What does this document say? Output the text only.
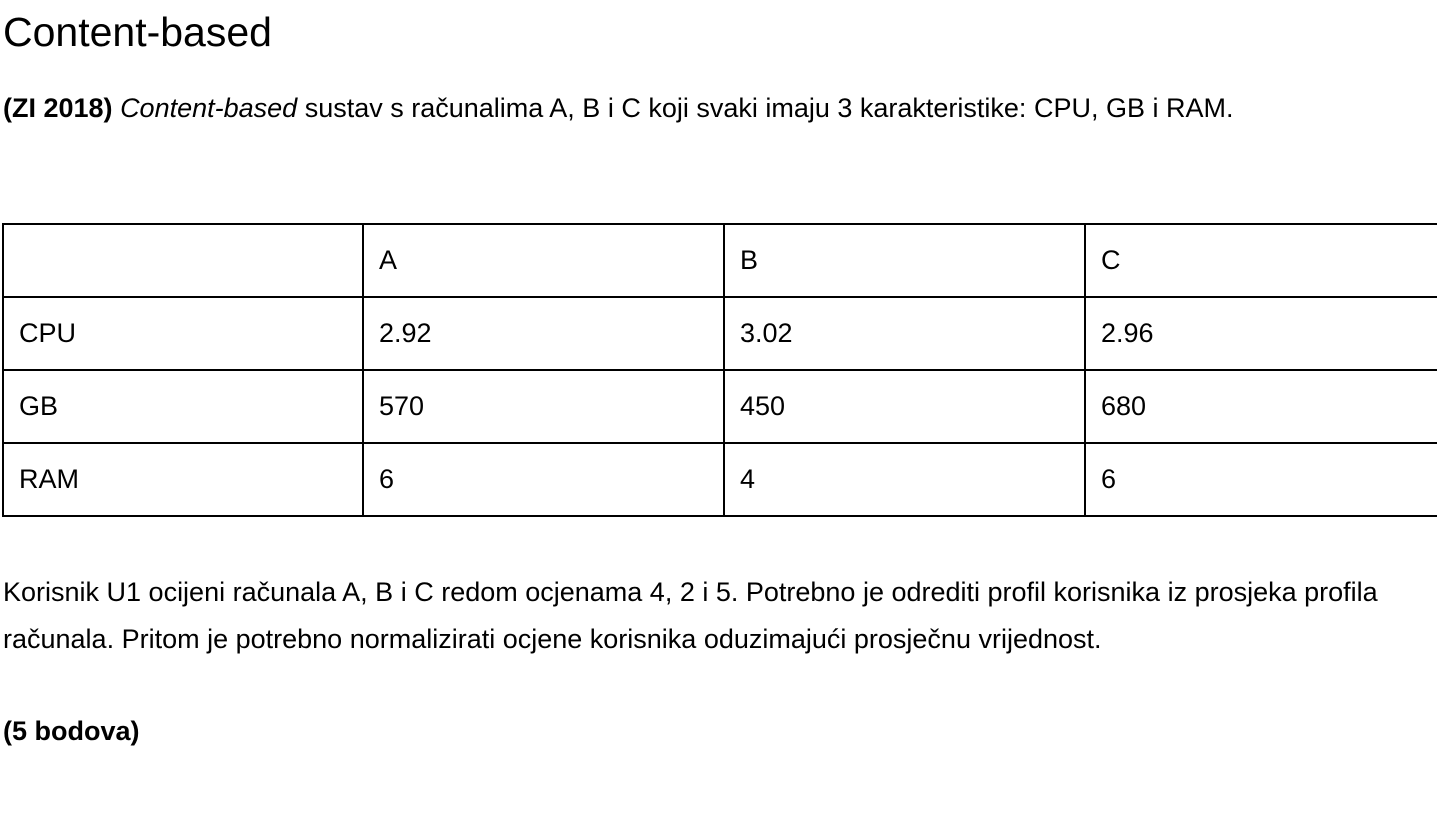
Content-based

(ZI 2018) Content-based sustav s računalima A, B i C koji svaki imaju 3 karakteristike: CPU, GB i RAM.

	A	B	C
CPU	2.92	3.02	2.96
GB	570	450	680
RAM	6	4	6

Korisnik U1 ocijeni računala A, B i C redom ocjenama 4, 2 i 5. Potrebno je odrediti profil korisnika iz prosjeka profila računala. Pritom je potrebno normalizirati ocjene korisnika oduzimajući prosječnu vrijednost.

(5 bodova)
